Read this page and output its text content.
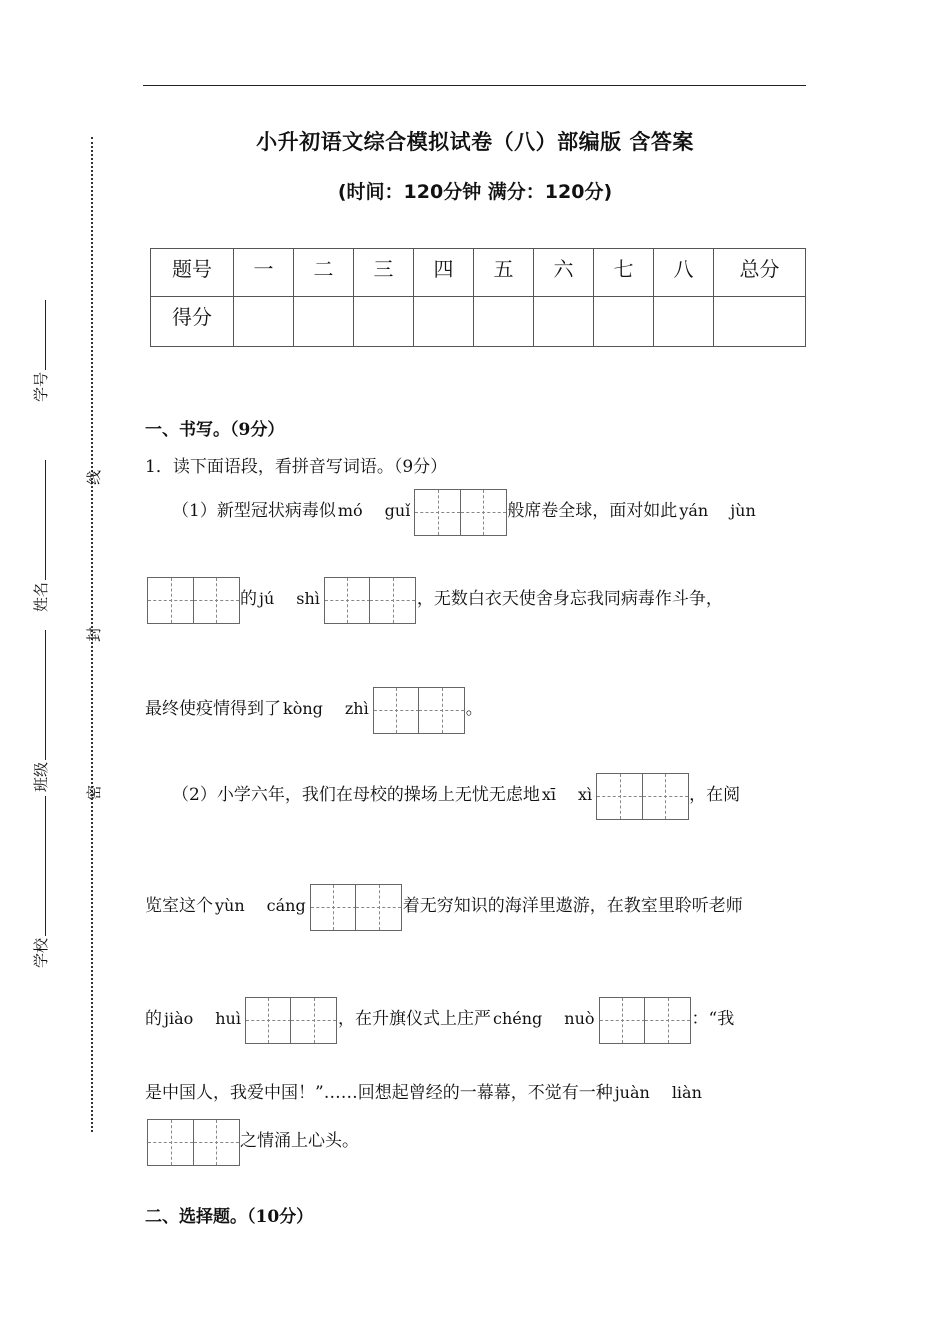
小升初语文综合模拟试卷（八）部编版 含答案
(时间：120分钟 满分：120分)
题号	一	二	三	四	五	六	七	八	总分
得分									
学号
姓名
班级
学校
线
封
密
一、书写。（9分）
1．读下面语段，看拼音写词语。（9分）
（1）新型冠状病毒似 mó guǐ	般席卷全球，面对如此 yán jùn
的 jú shì	，无数白衣天使舍身忘我同病毒作斗争，
最终使疫情得到了 kòng zhì	。
（2）小学六年，我们在母校的操场上无忧无虑地 xī xì	，在阅
览室这个 yùn cáng	着无穷知识的海洋里遨游，在教室里聆听老师
的 jiào huì	，在升旗仪式上庄严 chéng nuò	：“我
是中国人，我爱中国！”……回想起曾经的一幕幕，不觉有一种 juàn liàn
之情涌上心头。
二、选择题。（10分）
